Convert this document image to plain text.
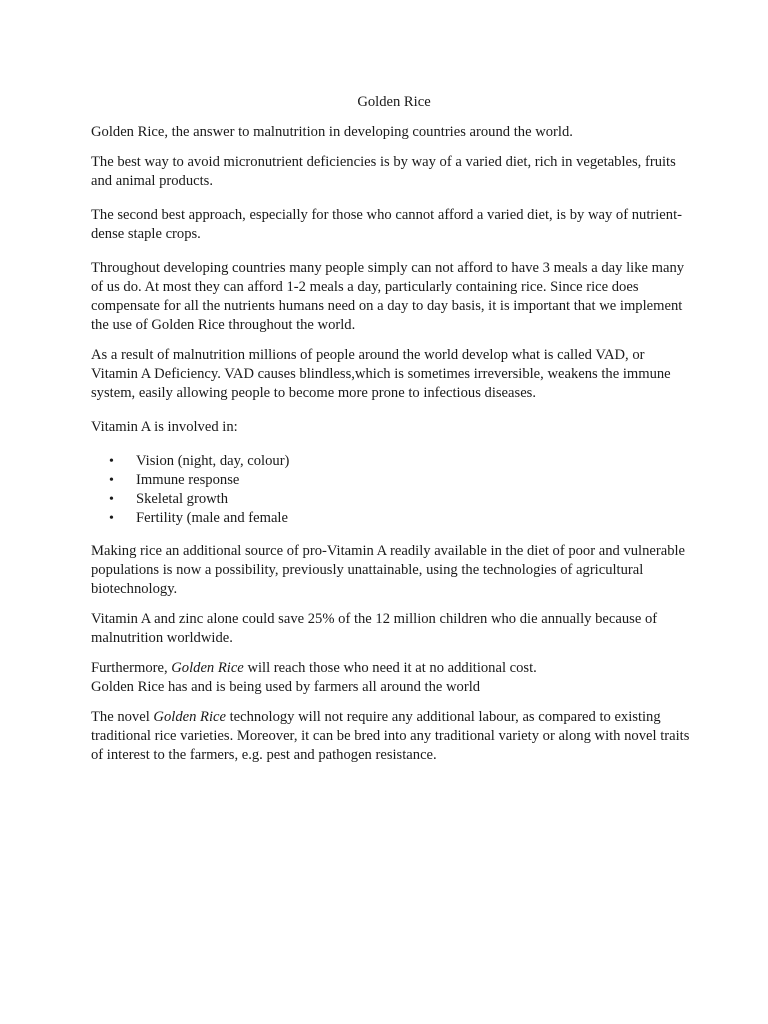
Golden Rice

Golden Rice, the answer to malnutrition in developing countries around the world.

The best way to avoid micronutrient deficiencies is by way of a varied diet, rich in vegetables, fruits and animal products.

The second best approach, especially for those who cannot afford a varied diet, is by way of nutrient-dense staple crops.

Throughout developing countries many people simply can not afford to have 3 meals a day like many of us do. At most they can afford 1-2 meals a day, particularly containing rice. Since rice does compensate for all the nutrients humans need on a day to day basis, it is important that we implement the use of Golden Rice throughout the world.

As a result of malnutrition millions of people around the world develop what is called VAD, or Vitamin A Deficiency. VAD causes blindless,which is sometimes irreversible, weakens the immune system, easily allowing people to become more prone to infectious diseases.

Vitamin A is involved in:

• Vision (night, day, colour)
• Immune response
• Skeletal growth
• Fertility (male and female

Making rice an additional source of pro-Vitamin A readily available in the diet of poor and vulnerable populations is now a possibility, previously unattainable, using the technologies of agricultural biotechnology.

Vitamin A and zinc alone could save 25% of the 12 million children who die annually because of malnutrition worldwide.

Furthermore, Golden Rice will reach those who need it at no additional cost.
Golden Rice has and is being used by farmers all around the world

The novel Golden Rice technology will not require any additional labour, as compared to existing traditional rice varieties. Moreover, it can be bred into any traditional variety or along with novel traits of interest to the farmers, e.g. pest and pathogen resistance.
